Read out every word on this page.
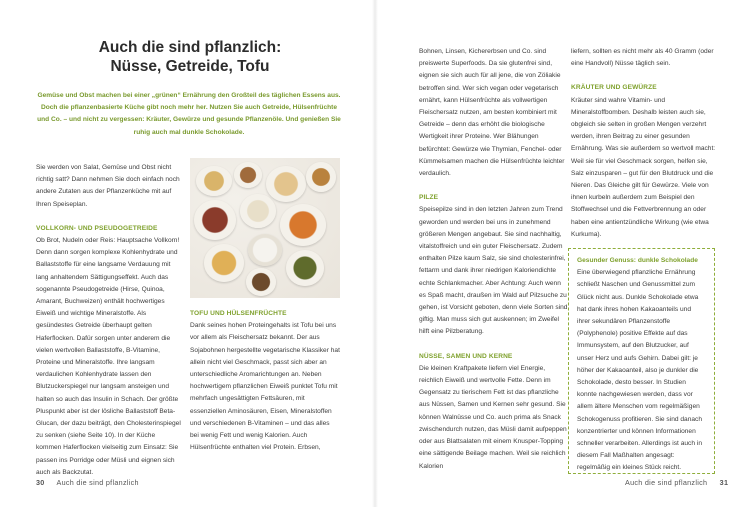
Auch die sind pflanzlich:
Nüsse, Getreide, Tofu

Gemüse und Obst machen bei einer „grünen“ Ernährung den Großteil des täglichen Essens aus. Doch die pflanzenbasierte Küche gibt noch mehr her. Nutzen Sie auch Getreide, Hülsenfrüchte und Co. – und nicht zu vergessen: Kräuter, Gewürze und gesunde Pflanzenöle. Und genießen Sie ruhig auch mal dunkle Schokolade.

Sie werden von Salat, Gemüse und Obst nicht richtig satt? Dann nehmen Sie doch einfach noch andere Zutaten aus der Pflanzenküche mit auf Ihren Speiseplan.

VOLLKORN- UND PSEUDOGETREIDE

Ob Brot, Nudeln oder Reis: Hauptsache Vollkorn! Denn dann sorgen komplexe Kohlenhydrate und Ballaststoffe für eine langsame Verdauung mit lang anhaltendem Sättigungseffekt. Auch das sogenannte Pseudogetreide (Hirse, Quinoa, Amarant, Buchweizen) enthält hochwertiges Eiweiß und wichtige Mineralstoffe. Als gesündestes Getreide überhaupt gelten Haferflocken. Dafür sorgen unter anderem die vielen wertvollen Ballaststoffe, B-Vitamine, Proteine und Mineralstoffe. Ihre langsam verdaulichen Kohlenhydrate lassen den Blutzuckerspiegel nur langsam ansteigen und halten so auch das Insulin in Schach. Der größte Pluspunkt aber ist der lösliche Ballaststoff Beta-Glucan, der dazu beiträgt, den Cholesterinspiegel zu senken (siehe Seite 10). In der Küche kommen Haferflocken vielseitig zum Einsatz: Sie passen ins Porridge oder Müsli und eignen sich auch als Backzutat.

TOFU UND HÜLSENFRÜCHTE

Dank seines hohen Proteingehalts ist Tofu bei uns vor allem als Fleischersatz bekannt. Der aus Sojabohnen hergestellte vegetarische Klassiker hat allein nicht viel Geschmack, passt sich aber an unterschiedliche Aromarichtungen an. Neben hochwertigem pflanzlichen Eiweiß punktet Tofu mit mehrfach ungesättigten Fettsäuren, mit essenziellen Aminosäuren, Eisen, Mineralstoffen und verschiedenen B-Vitaminen – und das alles bei wenig Fett und wenig Kalorien. Auch Hülsenfrüchte enthalten viel Protein. Erbsen,

30 Auch die sind pflanzlich

Bohnen, Linsen, Kichererbsen und Co. sind preiswerte Superfoods. Da sie glutenfrei sind, eignen sie sich auch für all jene, die von Zöliakie betroffen sind. Wer sich vegan oder vegetarisch ernährt, kann Hülsenfrüchte als vollwertigen Fleischersatz nutzen, am besten kombiniert mit Getreide – denn das erhöht die biologische Wertigkeit ihrer Proteine. Wer Blähungen befürchtet: Gewürze wie Thymian, Fenchel- oder Kümmelsamen machen die Hülsenfrüchte leichter verdaulich.

PILZE

Speisepilze sind in den letzten Jahren zum Trend geworden und werden bei uns in zunehmend größeren Mengen angebaut. Sie sind nachhaltig, vitalstoffreich und ein guter Fleischersatz. Zudem enthalten Pilze kaum Salz, sie sind cholesterinfrei, fettarm und dank ihrer niedrigen Kaloriendichte echte Schlankmacher. Aber Achtung: Auch wenn es Spaß macht, draußen im Wald auf Pilzsuche zu gehen, ist Vorsicht geboten, denn viele Sorten sind giftig. Man muss sich gut auskennen; im Zweifel hilft eine Pilzberatung.

NÜSSE, SAMEN UND KERNE

Die kleinen Kraftpakete liefern viel Energie, reichlich Eiweiß und wertvolle Fette. Denn im Gegensatz zu tierischem Fett ist das pflanzliche aus Nüssen, Samen und Kernen sehr gesund. Sie können Walnüsse und Co. auch prima als Snack zwischendurch nutzen, das Müsli damit aufpeppen oder aus Blattsalaten mit einem Knusper-Topping eine sättigende Beilage machen. Weil sie reichlich Kalorien

liefern, sollten es nicht mehr als 40 Gramm (oder eine Handvoll) Nüsse täglich sein.

KRÄUTER UND GEWÜRZE

Kräuter sind wahre Vitamin- und Mineralstoffbomben. Deshalb leisten auch sie, obgleich sie selten in großen Mengen verzehrt werden, ihren Beitrag zu einer gesunden Ernährung. Was sie außerdem so wertvoll macht: Weil sie für viel Geschmack sorgen, helfen sie, Salz einzusparen – gut für den Blutdruck und die Nieren. Das Gleiche gilt für Gewürze. Viele von ihnen kurbeln außerdem zum Beispiel den Stoffwechsel und die Fettverbrennung an oder haben eine antientzündliche Wirkung (wie etwa Kurkuma).

Gesunder Genuss: dunkle Schokolade

Eine überwiegend pflanzliche Ernährung schließt Naschen und Genussmittel zum Glück nicht aus. Dunkle Schokolade etwa hat dank ihres hohen Kakaoanteils und ihrer sekundären Pflanzenstoffe (Polyphenole) positive Effekte auf das Immunsystem, auf den Blutzucker, auf unser Herz und aufs Gehirn. Dabei gilt: je höher der Kakaoanteil, also je dunkler die Schokolade, desto besser. In Studien konnte nachgewiesen werden, dass vor allem ältere Menschen vom regelmäßigen Schokogenuss profitieren. Sie sind danach konzentrierter und können Informationen schneller verarbeiten. Allerdings ist auch in diesem Fall Maßhalten angesagt: regelmäßig ein kleines Stück reicht.

Auch die sind pflanzlich 31
